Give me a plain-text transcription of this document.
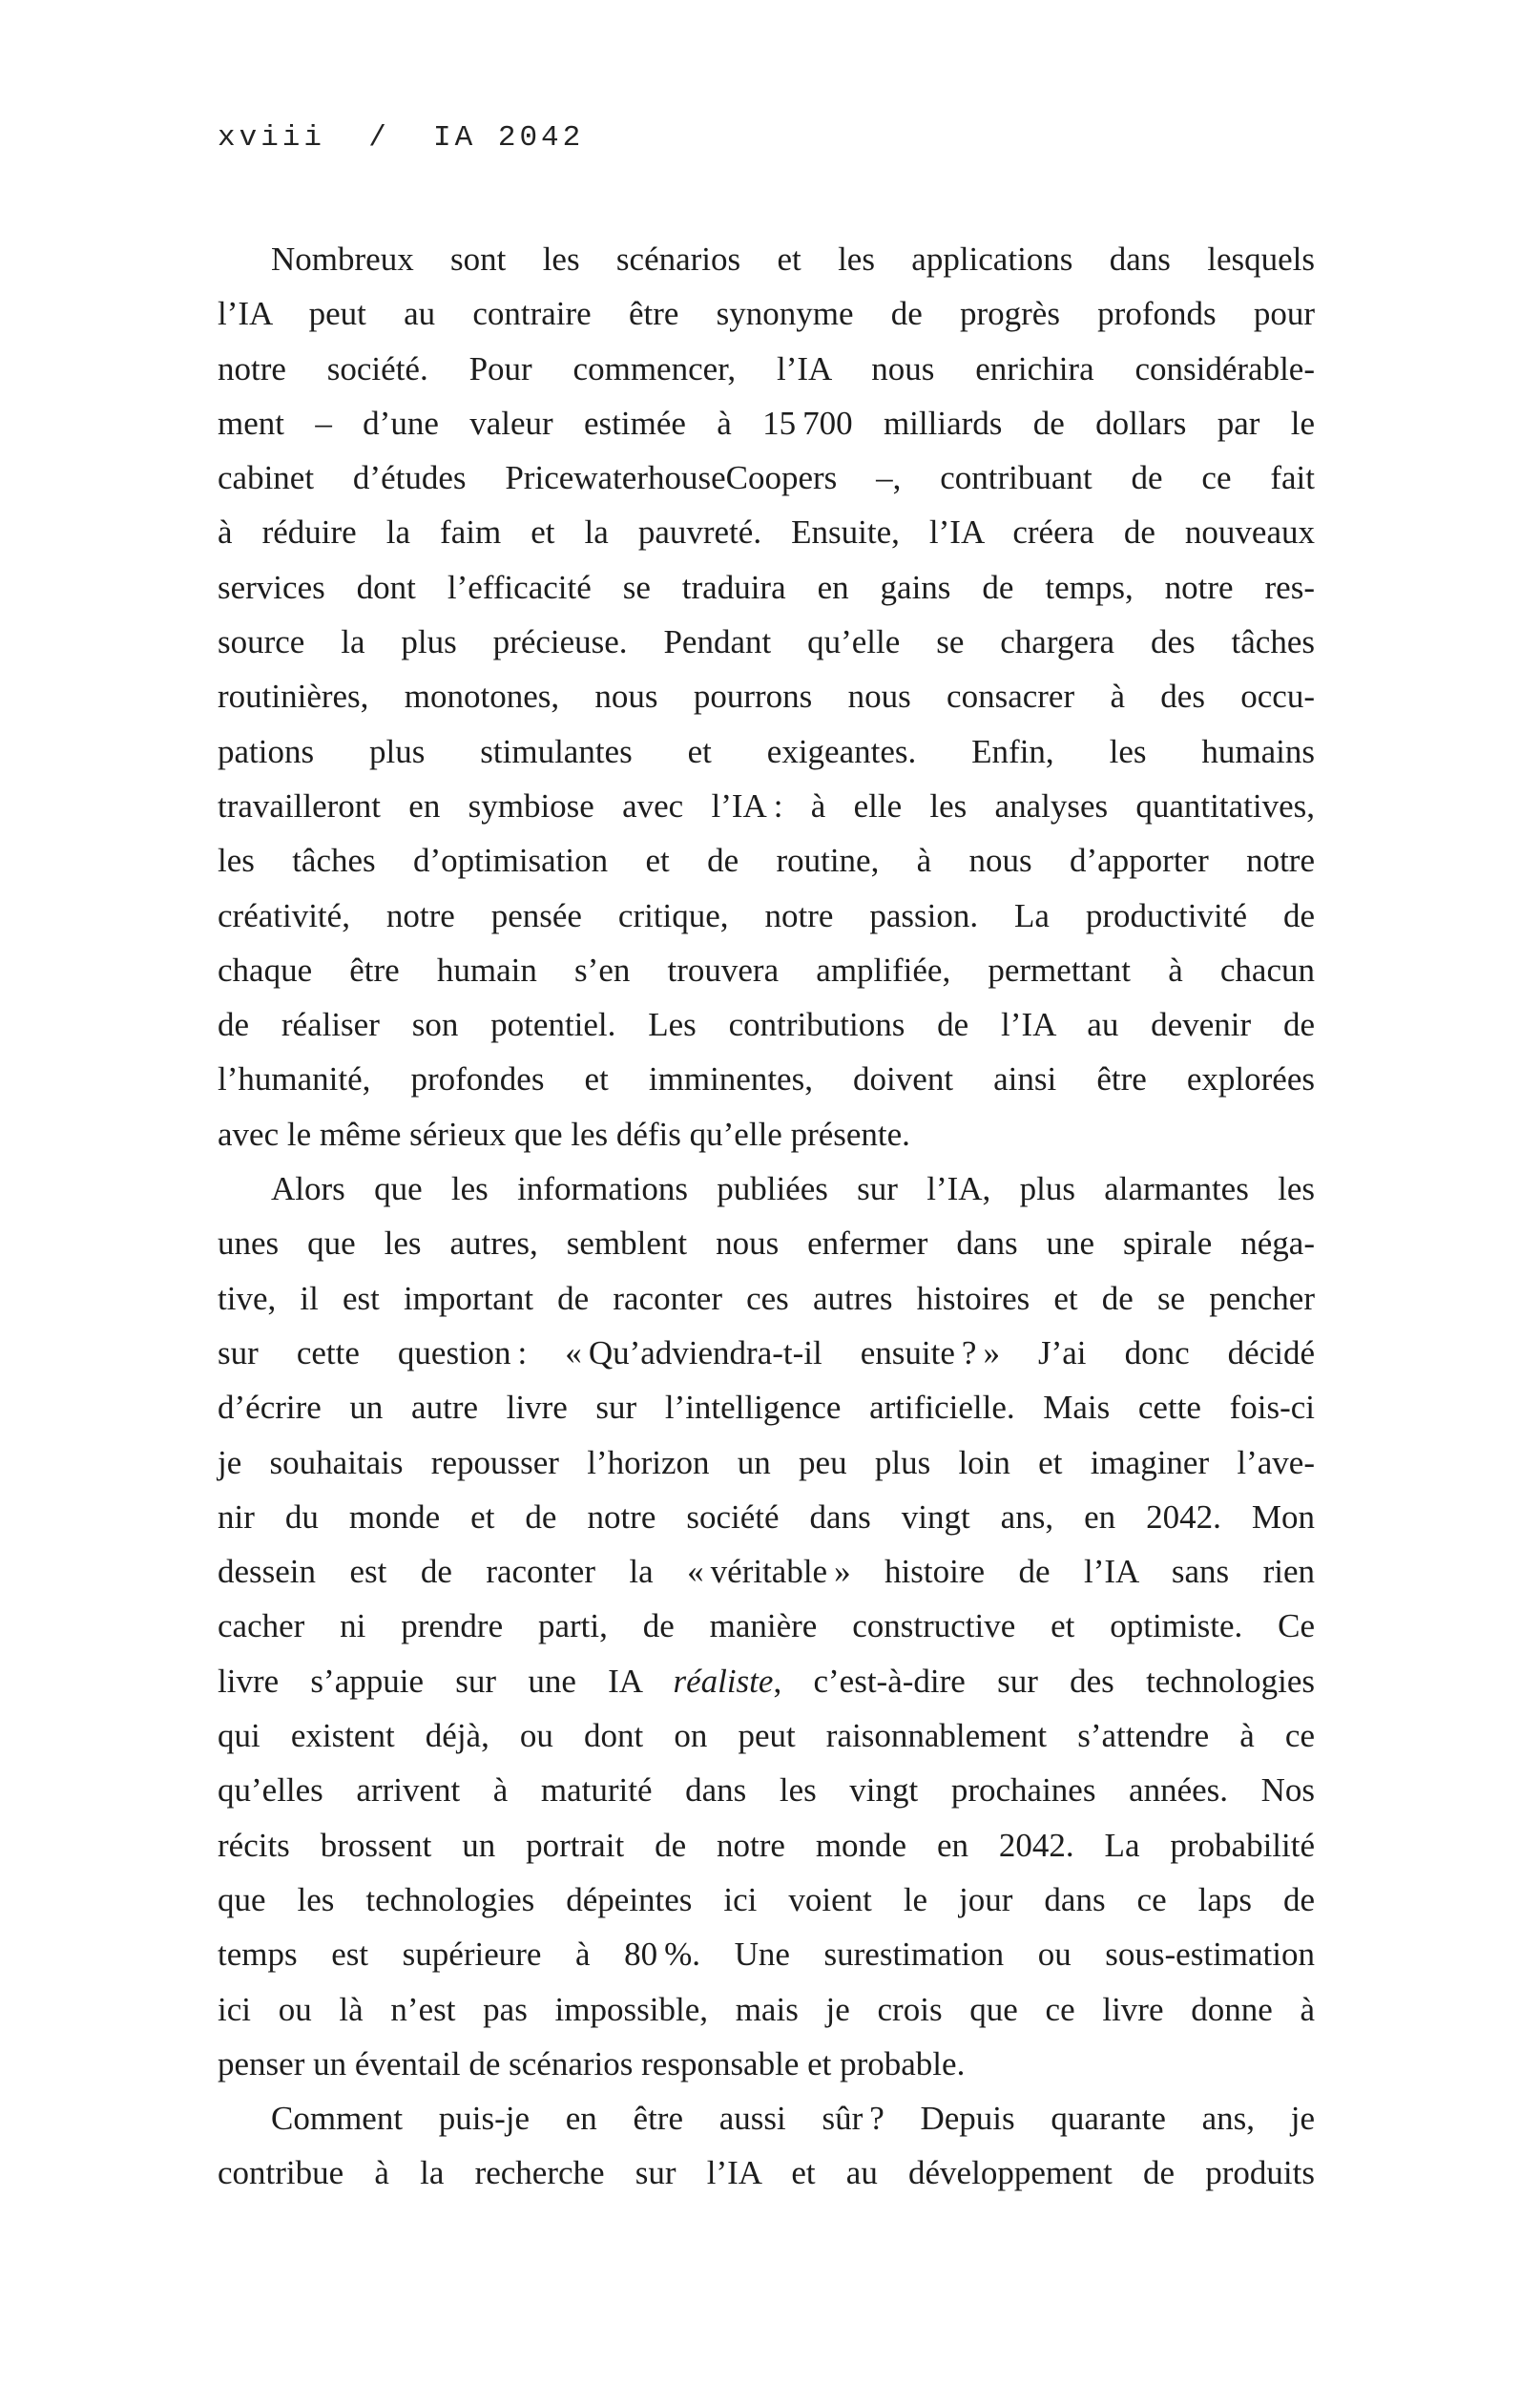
xviii  /  IA 2042
Nombreux sont les scénarios et les applications dans lesquels
l’IA peut au contraire être synonyme de progrès profonds pour
notre société. Pour commencer, l’IA nous enrichira considérable-
ment – d’une valeur estimée à 15 700 milliards de dollars par le
cabinet d’études PricewaterhouseCoopers –, contribuant de ce fait
à réduire la faim et la pauvreté. Ensuite, l’IA créera de nouveaux
services dont l’efficacité se traduira en gains de temps, notre res-
source la plus précieuse. Pendant qu’elle se chargera des tâches
routinières, monotones, nous pourrons nous consacrer à des occu-
pations plus stimulantes et exigeantes. Enfin, les humains
travailleront en symbiose avec l’IA : à elle les analyses quantitatives,
les tâches d’optimisation et de routine, à nous d’apporter notre
créativité, notre pensée critique, notre passion. La productivité de
chaque être humain s’en trouvera amplifiée, permettant à chacun
de réaliser son potentiel. Les contributions de l’IA au devenir de
l’humanité, profondes et imminentes, doivent ainsi être explorées
avec le même sérieux que les défis qu’elle présente.
Alors que les informations publiées sur l’IA, plus alarmantes les
unes que les autres, semblent nous enfermer dans une spirale néga-
tive, il est important de raconter ces autres histoires et de se pencher
sur cette question : « Qu’adviendra-t-il ensuite ? » J’ai donc décidé
d’écrire un autre livre sur l’intelligence artificielle. Mais cette fois-ci
je souhaitais repousser l’horizon un peu plus loin et imaginer l’ave-
nir du monde et de notre société dans vingt ans, en 2042. Mon
dessein est de raconter la « véritable » histoire de l’IA sans rien
cacher ni prendre parti, de manière constructive et optimiste. Ce
livre s’appuie sur une IA réaliste, c’est-à-dire sur des technologies
qui existent déjà, ou dont on peut raisonnablement s’attendre à ce
qu’elles arrivent à maturité dans les vingt prochaines années. Nos
récits brossent un portrait de notre monde en 2042. La probabilité
que les technologies dépeintes ici voient le jour dans ce laps de
temps est supérieure à 80 %. Une surestimation ou sous-estimation
ici ou là n’est pas impossible, mais je crois que ce livre donne à
penser un éventail de scénarios responsable et probable.
Comment puis-je en être aussi sûr ? Depuis quarante ans, je
contribue à la recherche sur l’IA et au développement de produits
